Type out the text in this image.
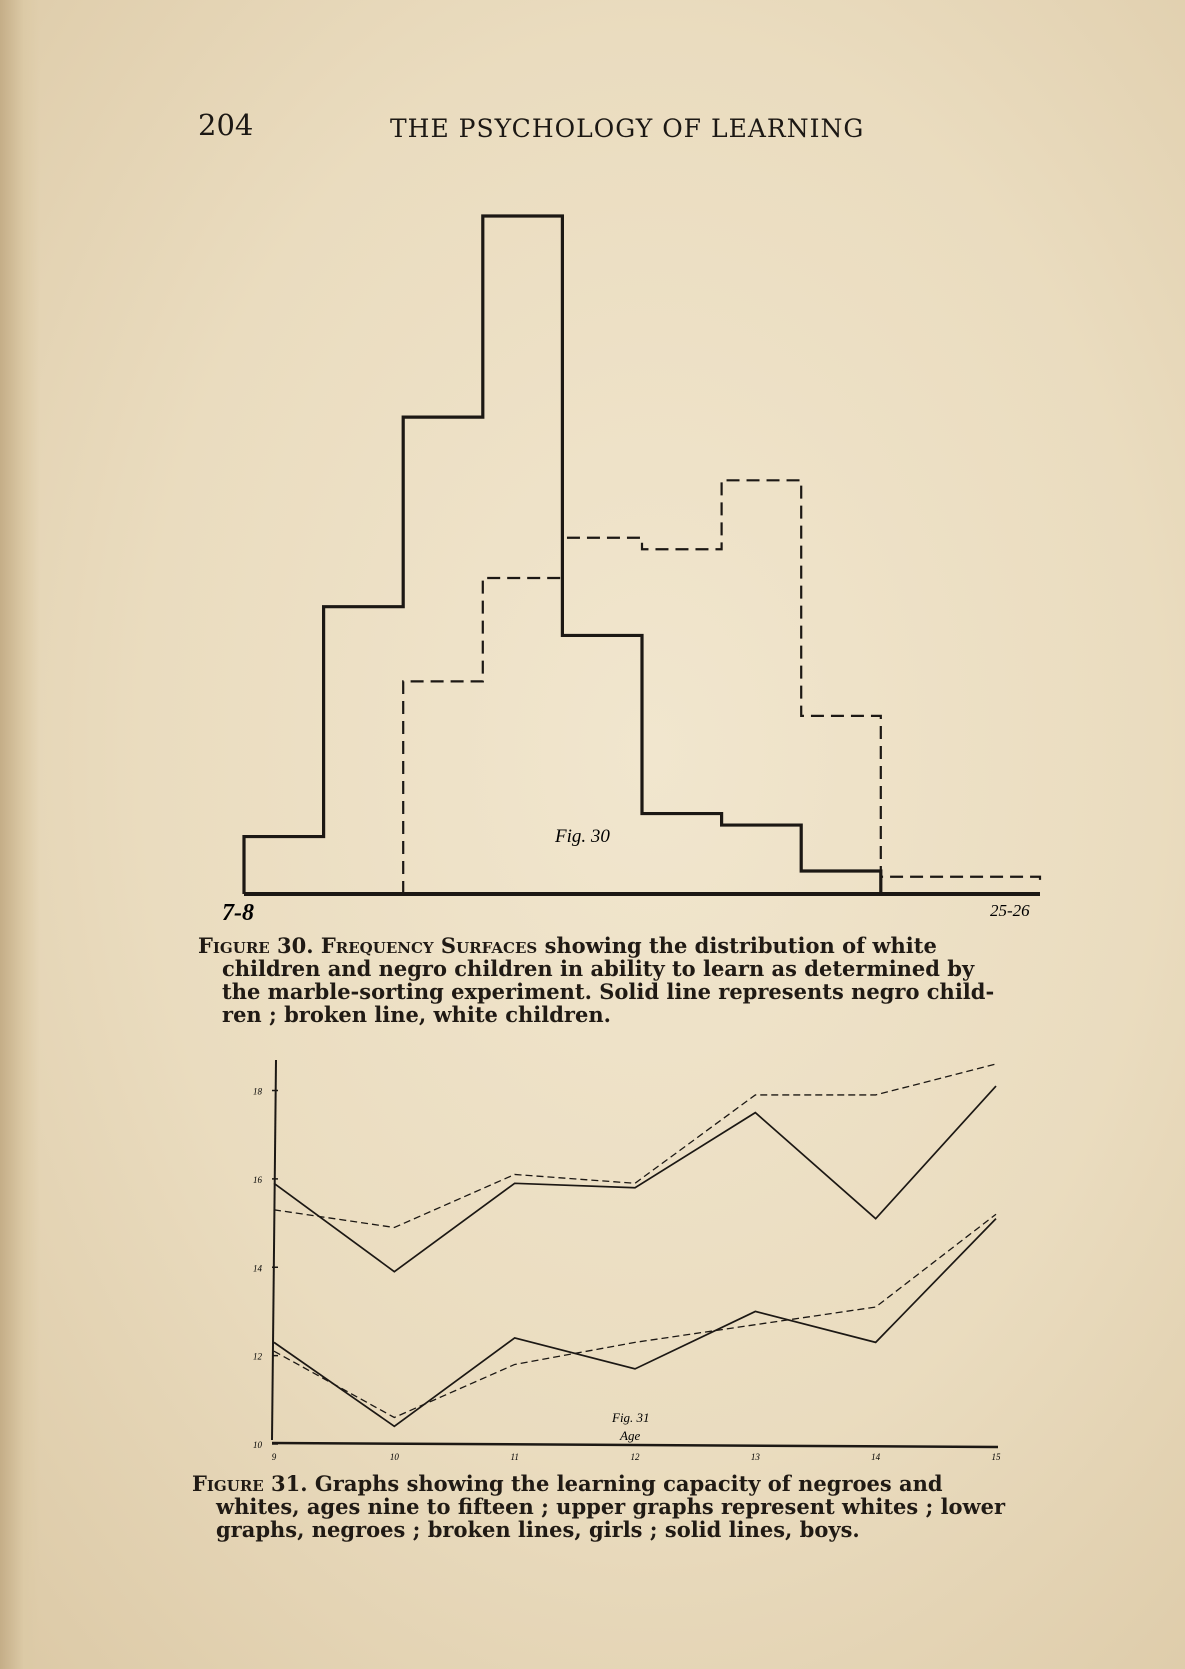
204	THE PSYCHOLOGY OF LEARNING
Fig. 30
7-8	25-26
Fig. 31
Age
10
12
14
16
18
9	10	11	12	13	14	15
Figure 30. Frequency Surfaces showing the distribution of white
children and negro children in ability to learn as determined by
the marble-sorting experiment. Solid line represents negro child-
ren ; broken line, white children.
Figure 31. Graphs showing the learning capacity of negroes and
whites, ages nine to fifteen ; upper graphs represent whites ; lower
graphs, negroes ; broken lines, girls ; solid lines, boys.
